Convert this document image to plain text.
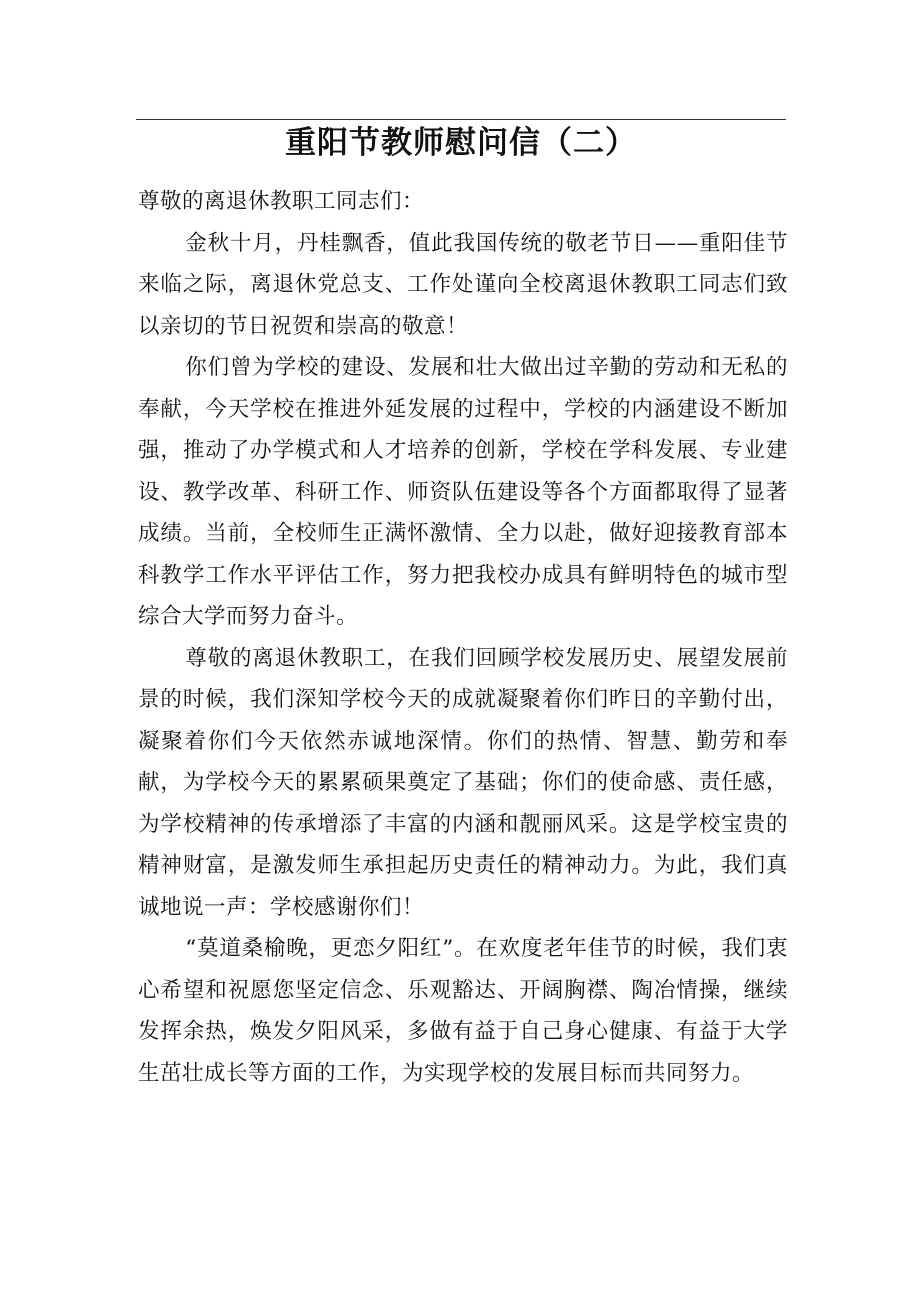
重阳节教师慰问信（二）

尊敬的离退休教职工同志们：

金秋十月，丹桂飘香，值此我国传统的敬老节日——重阳佳节来临之际，离退休党总支、工作处谨向全校离退休教职工同志们致以亲切的节日祝贺和崇高的敬意！

你们曾为学校的建设、发展和壮大做出过辛勤的劳动和无私的奉献，今天学校在推进外延发展的过程中，学校的内涵建设不断加强，推动了办学模式和人才培养的创新，学校在学科发展、专业建设、教学改革、科研工作、师资队伍建设等各个方面都取得了显著成绩。当前，全校师生正满怀激情、全力以赴，做好迎接教育部本科教学工作水平评估工作，努力把我校办成具有鲜明特色的城市型综合大学而努力奋斗。

尊敬的离退休教职工，在我们回顾学校发展历史、展望发展前景的时候，我们深知学校今天的成就凝聚着你们昨日的辛勤付出，凝聚着你们今天依然赤诚地深情。你们的热情、智慧、勤劳和奉献，为学校今天的累累硕果奠定了基础；你们的使命感、责任感，为学校精神的传承增添了丰富的内涵和靓丽风采。这是学校宝贵的精神财富，是激发师生承担起历史责任的精神动力。为此，我们真诚地说一声：学校感谢你们！

“莫道桑榆晚，更恋夕阳红”。在欢度老年佳节的时候，我们衷心希望和祝愿您坚定信念、乐观豁达、开阔胸襟、陶冶情操，继续发挥余热，焕发夕阳风采，多做有益于自己身心健康、有益于大学生茁壮成长等方面的工作，为实现学校的发展目标而共同努力。
